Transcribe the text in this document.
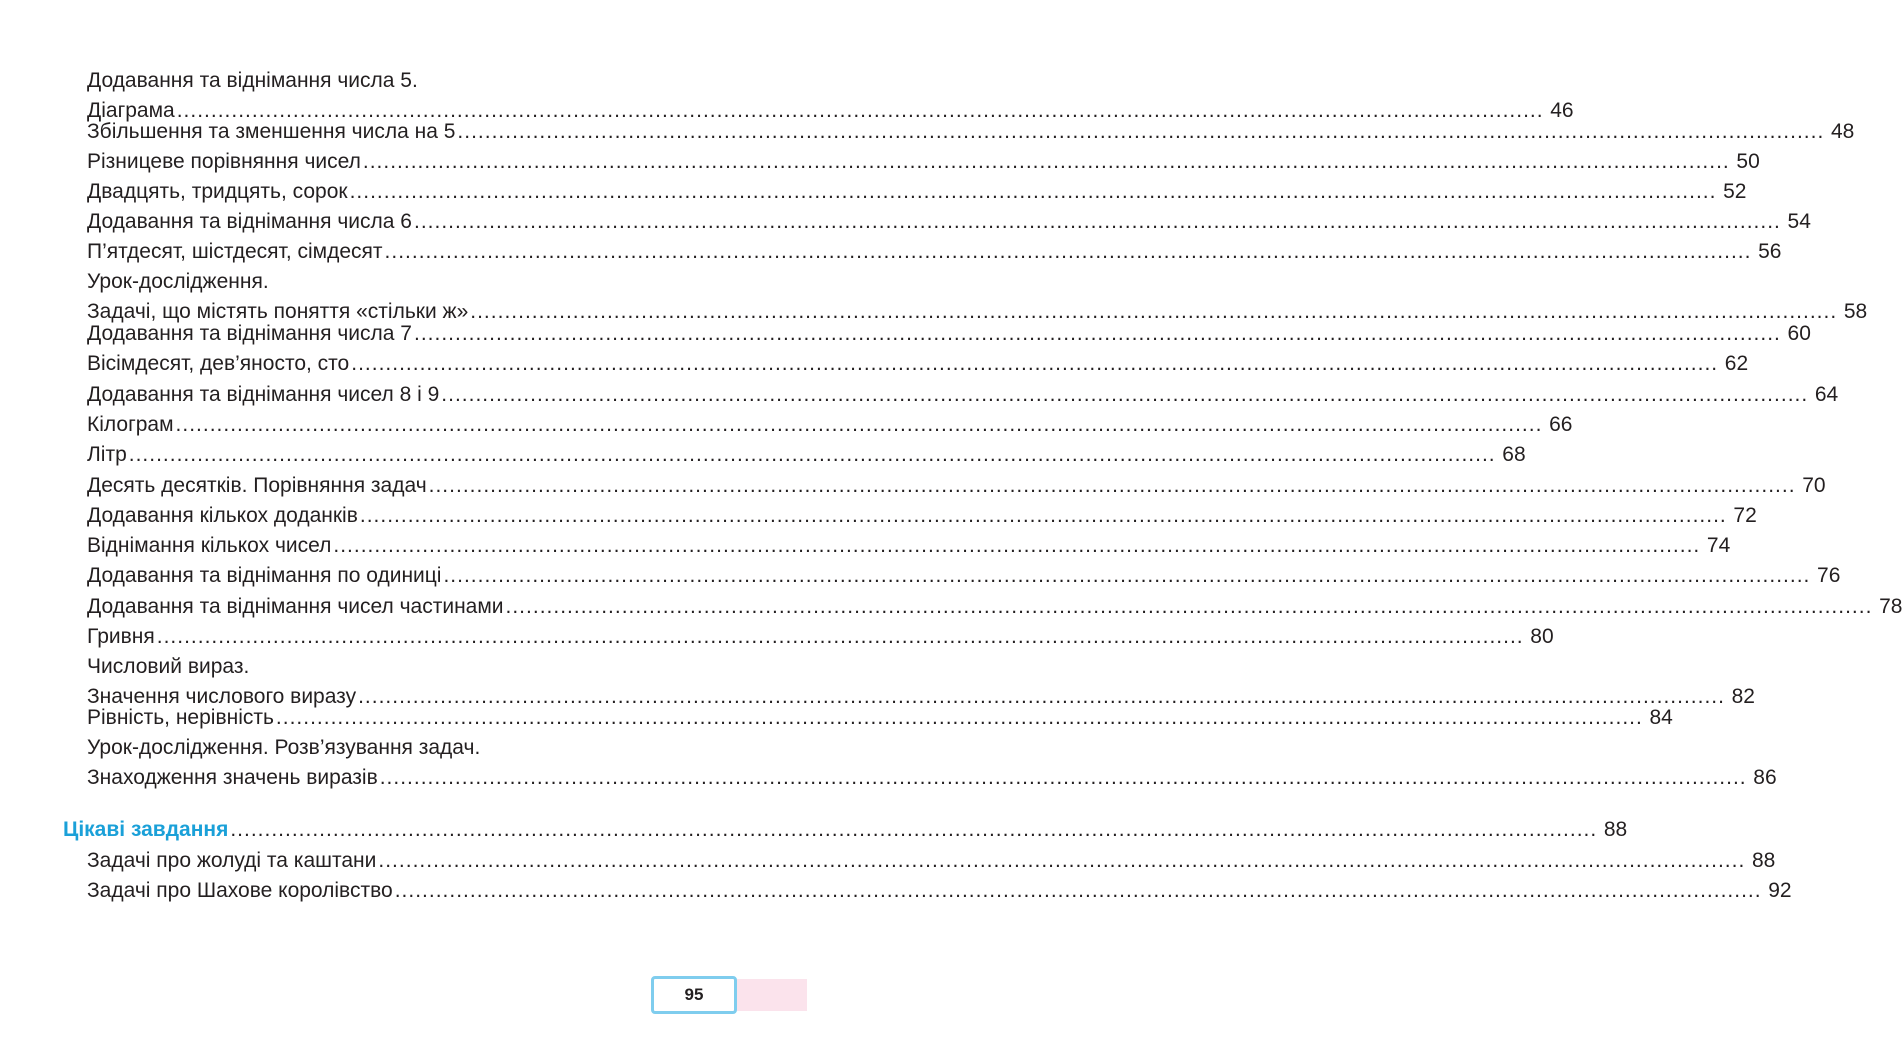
Додавання та віднімання числа 5.
Діаграма ........................................................................................................................................................................................................ 46
Збільшення та зменшення числа на 5 ........................................................................................................................................................................................................ 48
Різницеве порівняння чисел ........................................................................................................................................................................................................ 50
Двадцять, тридцять, сорок ........................................................................................................................................................................................................ 52
Додавання та віднімання числа 6 ........................................................................................................................................................................................................ 54
П’ятдесят, шістдесят, сімдесят ........................................................................................................................................................................................................ 56
Урок-дослідження.
Задачі, що містять поняття «стільки ж» ........................................................................................................................................................................................................ 58
Додавання та віднімання числа 7 ........................................................................................................................................................................................................ 60
Вісімдесят, дев’яносто, сто ........................................................................................................................................................................................................ 62
Додавання та віднімання чисел 8 і 9 ........................................................................................................................................................................................................ 64
Кілограм ........................................................................................................................................................................................................ 66
Літр ........................................................................................................................................................................................................ 68
Десять десятків. Порівняння задач ........................................................................................................................................................................................................ 70
Додавання кількох доданків ........................................................................................................................................................................................................ 72
Віднімання кількох чисел ........................................................................................................................................................................................................ 74
Додавання та віднімання по одиниці ........................................................................................................................................................................................................ 76
Додавання та віднімання чисел частинами ........................................................................................................................................................................................................ 78
Гривня ........................................................................................................................................................................................................ 80
Числовий вираз.
Значення числового виразу ........................................................................................................................................................................................................ 82
Рівність, нерівність ........................................................................................................................................................................................................ 84
Урок-дослідження. Розв’язування задач.
Знаходження значень виразів ........................................................................................................................................................................................................ 86
Цікаві завдання ........................................................................................................................................................................................................ 88
Задачі про жолуді та каштани ........................................................................................................................................................................................................ 88
Задачі про Шахове королівство ........................................................................................................................................................................................................ 92
95
